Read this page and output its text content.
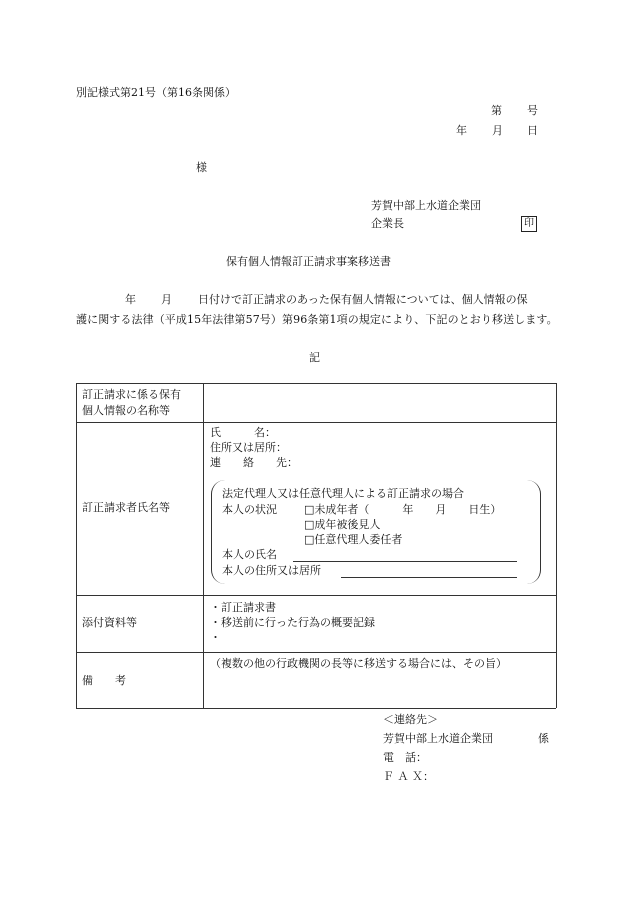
別記様式第21号（第16条関係）
第 号
年 月 日
様
芳賀中部上水道企業団
企業長	印
保有個人情報訂正請求事案移送書
年 月 日付けで訂正請求のあった保有個人情報については、個人情報の保
護に関する法律（平成15年法律第57号）第96条第1項の規定により、下記のとおり移送します。
記
訂正請求に係る保有
個人情報の名称等
訂正請求者氏名等
氏　　　名：
住所又は居所：
連　　絡　　先：
法定代理人又は任意代理人による訂正請求の場合
本人の状況 □未成年者（　　　年　　月　　日生）
□成年被後見人
□任意代理人委任者
本人の氏名
本人の住所又は居所
添付資料等
・訂正請求書
・移送前に行った行為の概要記録
・
備　　考
（複数の他の行政機関の長等に移送する場合には、その旨）
＜連絡先＞
芳賀中部上水道企業団	係
電　話：
Ｆ Ａ Ｘ：
